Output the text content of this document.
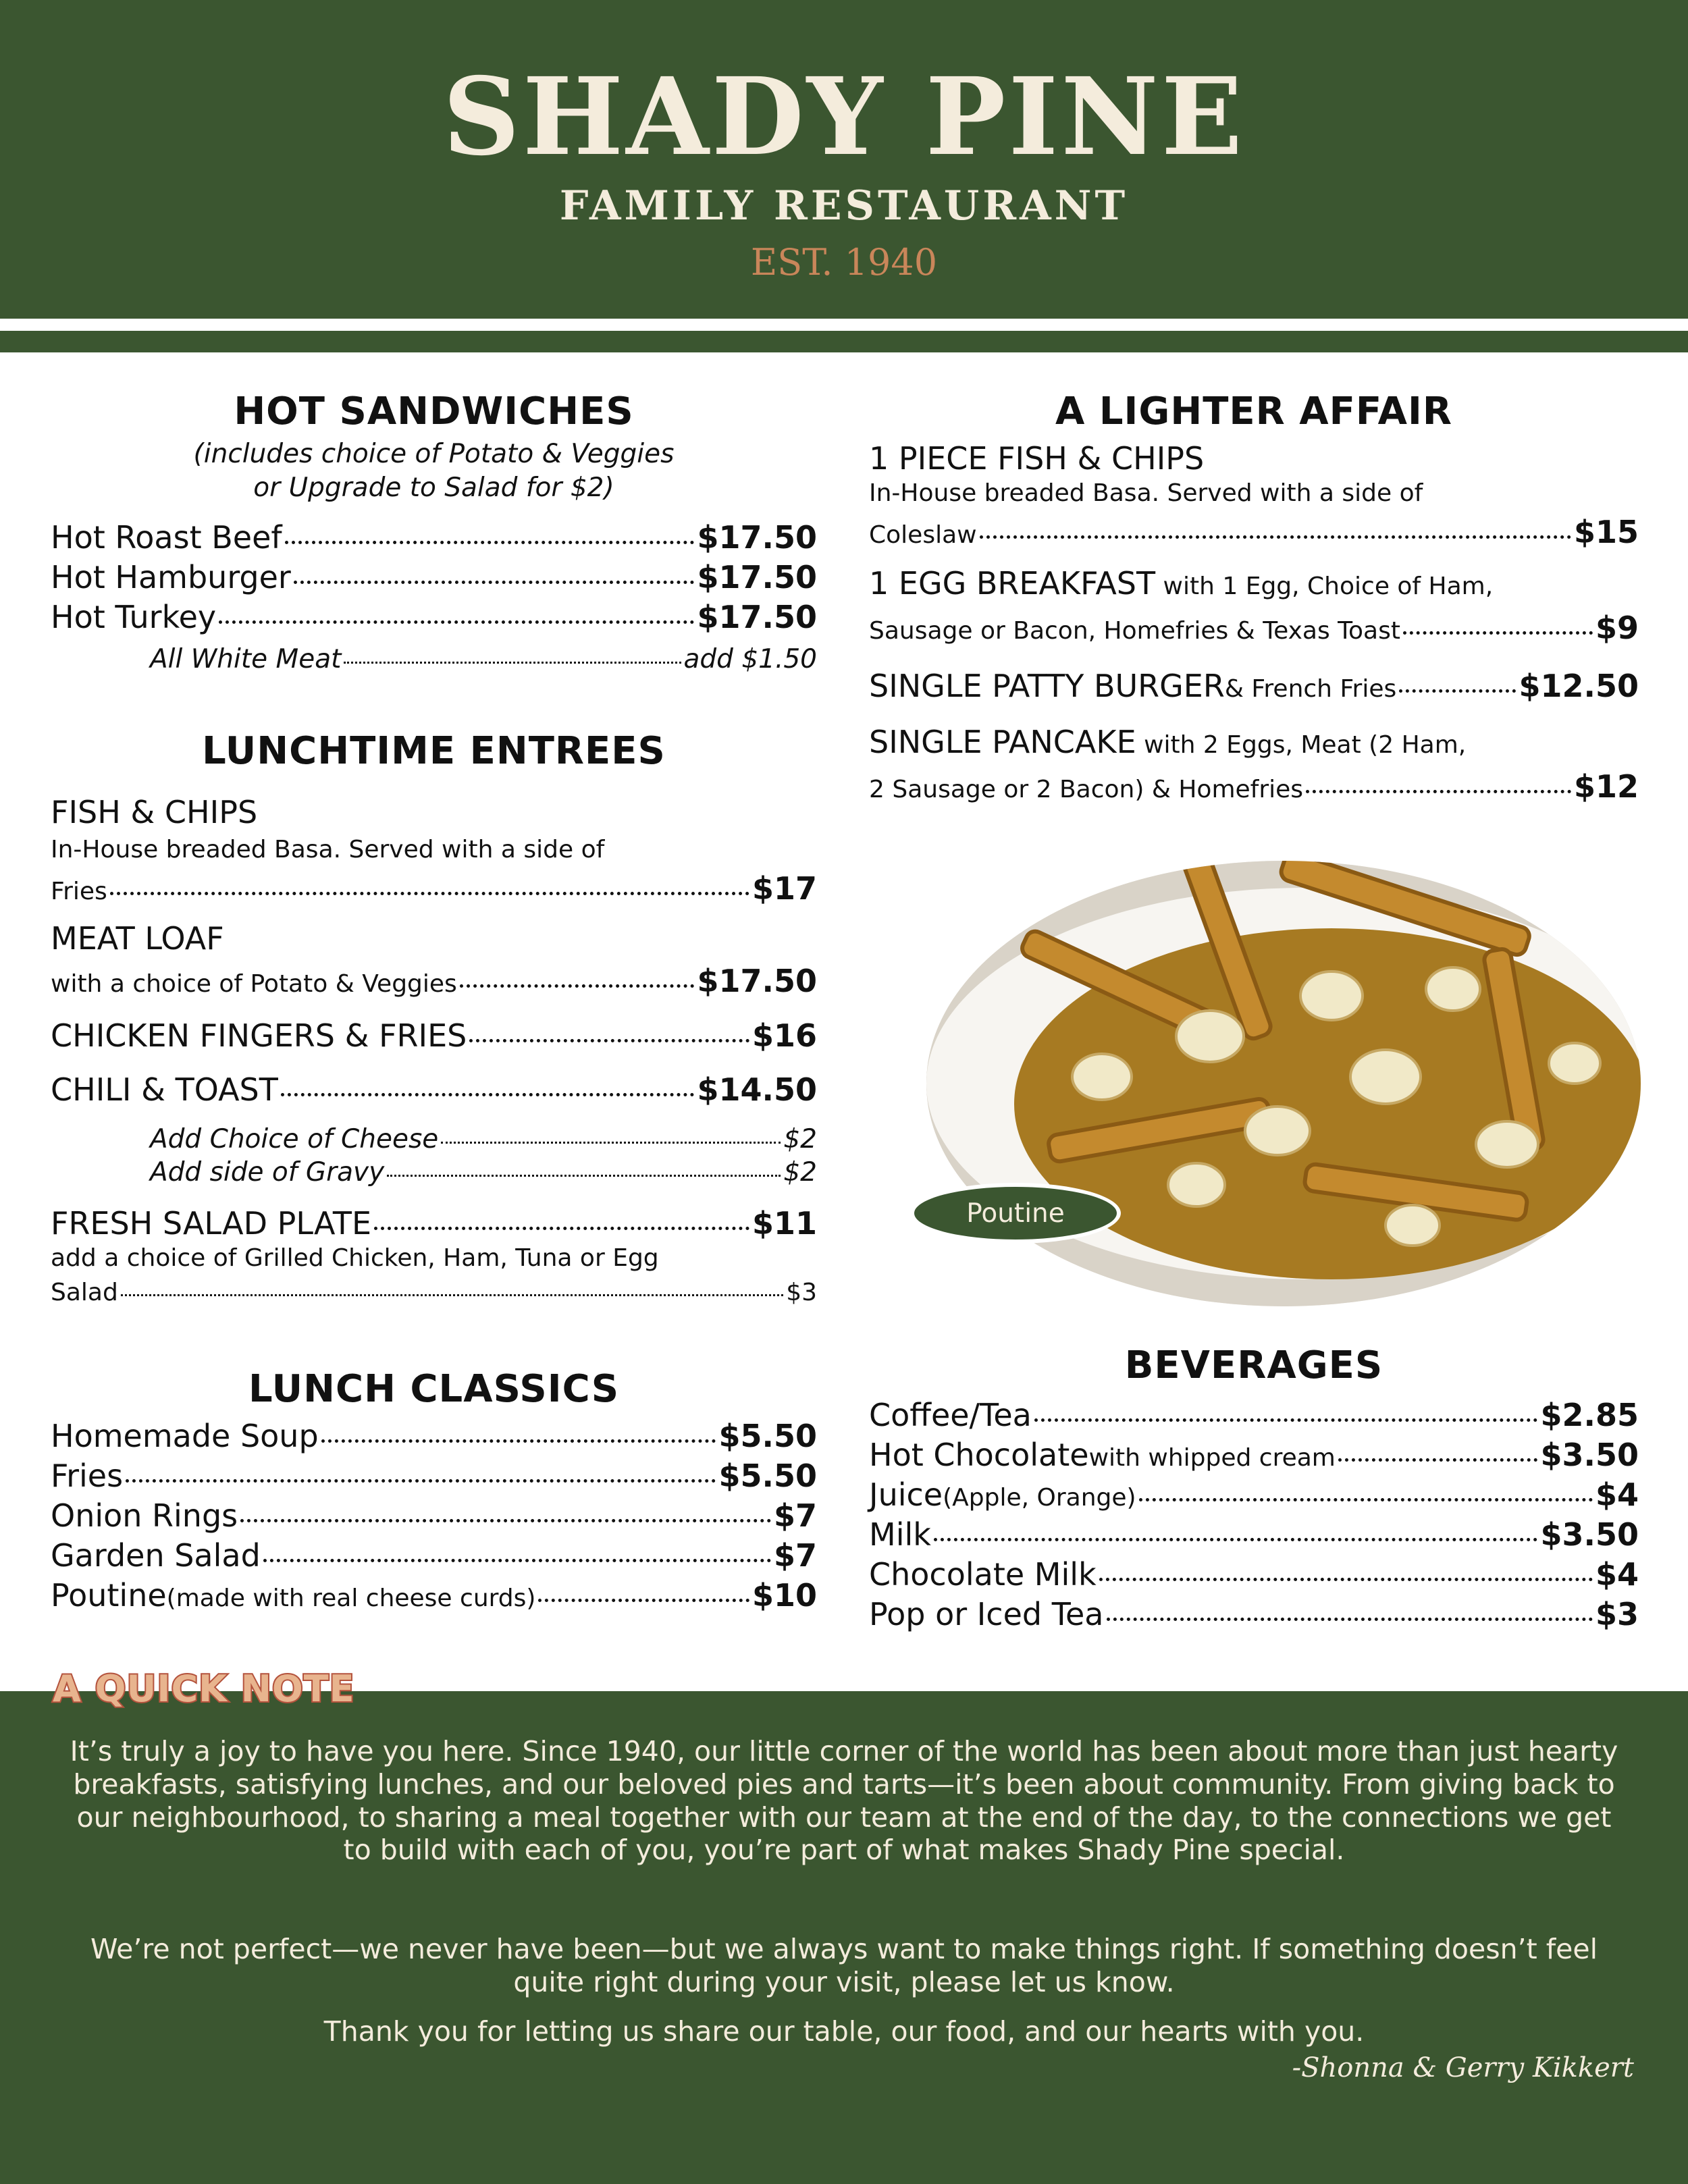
SHADY PINE
FAMILY RESTAURANT
EST. 1940
HOT SANDWICHES
(includes choice of Potato & Veggies
or Upgrade to Salad for $2)
Hot Roast Beef	$17.50
Hot Hamburger	$17.50
Hot Turkey	$17.50
All White Meat	add $1.50
LUNCHTIME ENTREES
FISH & CHIPS
In-House breaded Basa. Served with a side of
Fries	$17
MEAT LOAF
with a choice of Potato & Veggies	$17.50
CHICKEN FINGERS & FRIES	$16
CHILI & TOAST	$14.50
Add Choice of Cheese	$2
Add side of Gravy	$2
FRESH SALAD PLATE	$11
add a choice of Grilled Chicken, Ham, Tuna or Egg
Salad	$3
LUNCH CLASSICS
Homemade Soup	$5.50
Fries	$5.50
Onion Rings	$7
Garden Salad	$7
Poutine (made with real cheese curds)	$10
A LIGHTER AFFAIR
1 PIECE FISH & CHIPS
In-House breaded Basa. Served with a side of
Coleslaw	$15
1 EGG BREAKFAST with 1 Egg, Choice of Ham,
Sausage or Bacon, Homefries & Texas Toast	$9
SINGLE PATTY BURGER & French Fries	$12.50
SINGLE PANCAKE with 2 Eggs, Meat (2 Ham,
2 Sausage or 2 Bacon) & Homefries	$12
Poutine
BEVERAGES
Coffee/Tea	$2.85
Hot Chocolate with whipped cream	$3.50
Juice (Apple, Orange)	$4
Milk	$3.50
Chocolate Milk	$4
Pop or Iced Tea	$3
A QUICK NOTE
It’s truly a joy to have you here. Since 1940, our little corner of the world has been about more than just hearty breakfasts, satisfying lunches, and our beloved pies and tarts—it’s been about community. From giving back to our neighbourhood, to sharing a meal together with our team at the end of the day, to the connections we get to build with each of you, you’re part of what makes Shady Pine special.
We’re not perfect—we never have been—but we always want to make things right. If something doesn’t feel quite right during your visit, please let us know.
Thank you for letting us share our table, our food, and our hearts with you.
-Shonna & Gerry Kikkert
